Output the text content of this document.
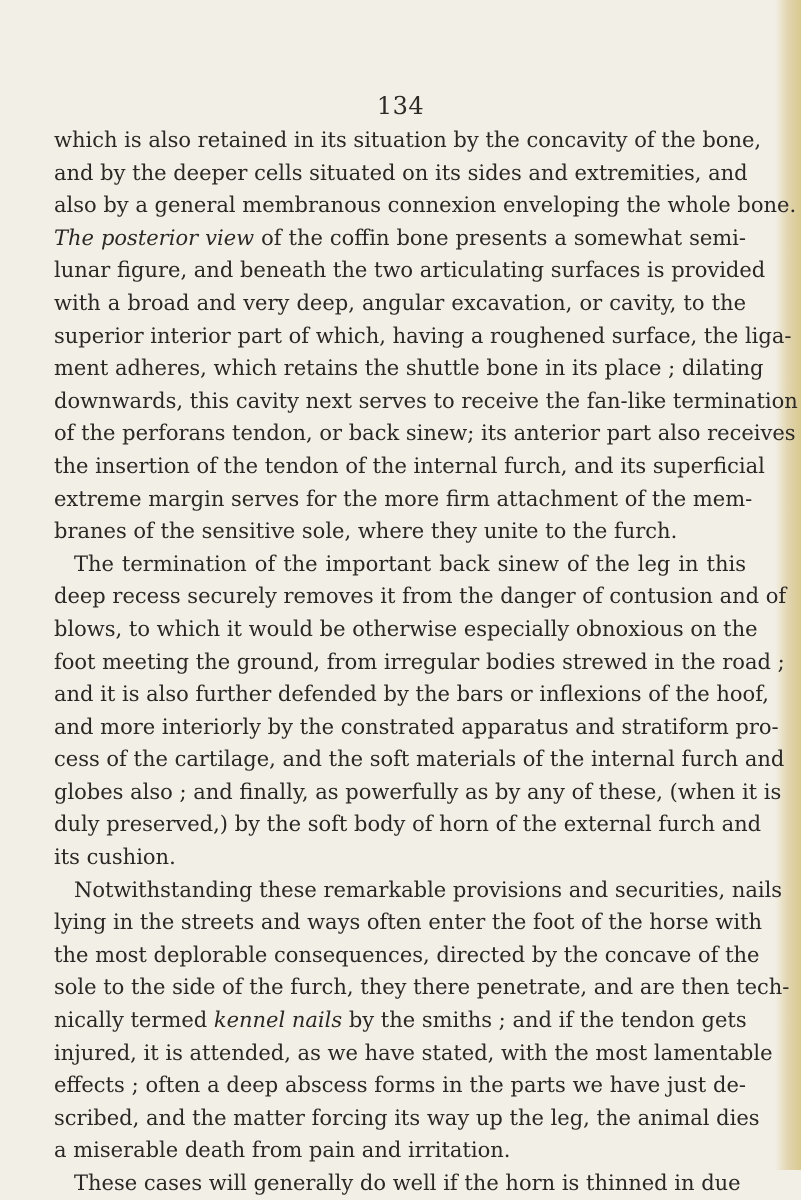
134
which is also retained in its situation by the concavity of the bone,
and by the deeper cells situated on its sides and extremities, and
also by a general membranous connexion enveloping the whole bone.
The posterior view of the coffin bone presents a somewhat semi-
lunar figure, and beneath the two articulating surfaces is provided
with a broad and very deep, angular excavation, or cavity, to the
superior interior part of which, having a roughened surface, the liga-
ment adheres, which retains the shuttle bone in its place ; dilating
downwards, this cavity next serves to receive the fan-like termination
of the perforans tendon, or back sinew; its anterior part also receives
the insertion of the tendon of the internal furch, and its superficial
extreme margin serves for the more firm attachment of the mem-
branes of the sensitive sole, where they unite to the furch.
The termination of the important back sinew of the leg in this
deep recess securely removes it from the danger of contusion and of
blows, to which it would be otherwise especially obnoxious on the
foot meeting the ground, from irregular bodies strewed in the road ;
and it is also further defended by the bars or inflexions of the hoof,
and more interiorly by the constrated apparatus and stratiform pro-
cess of the cartilage, and the soft materials of the internal furch and
globes also ; and finally, as powerfully as by any of these, (when it is
duly preserved,) by the soft body of horn of the external furch and
its cushion.
Notwithstanding these remarkable provisions and securities, nails
lying in the streets and ways often enter the foot of the horse with
the most deplorable consequences, directed by the concave of the
sole to the side of the furch, they there penetrate, and are then tech-
nically termed kennel nails by the smiths ; and if the tendon gets
injured, it is attended, as we have stated, with the most lamentable
effects ; often a deep abscess forms in the parts we have just de-
scribed, and the matter forcing its way up the leg, the animal dies
a miserable death from pain and irritation.
These cases will generally do well if the horn is thinned in due
